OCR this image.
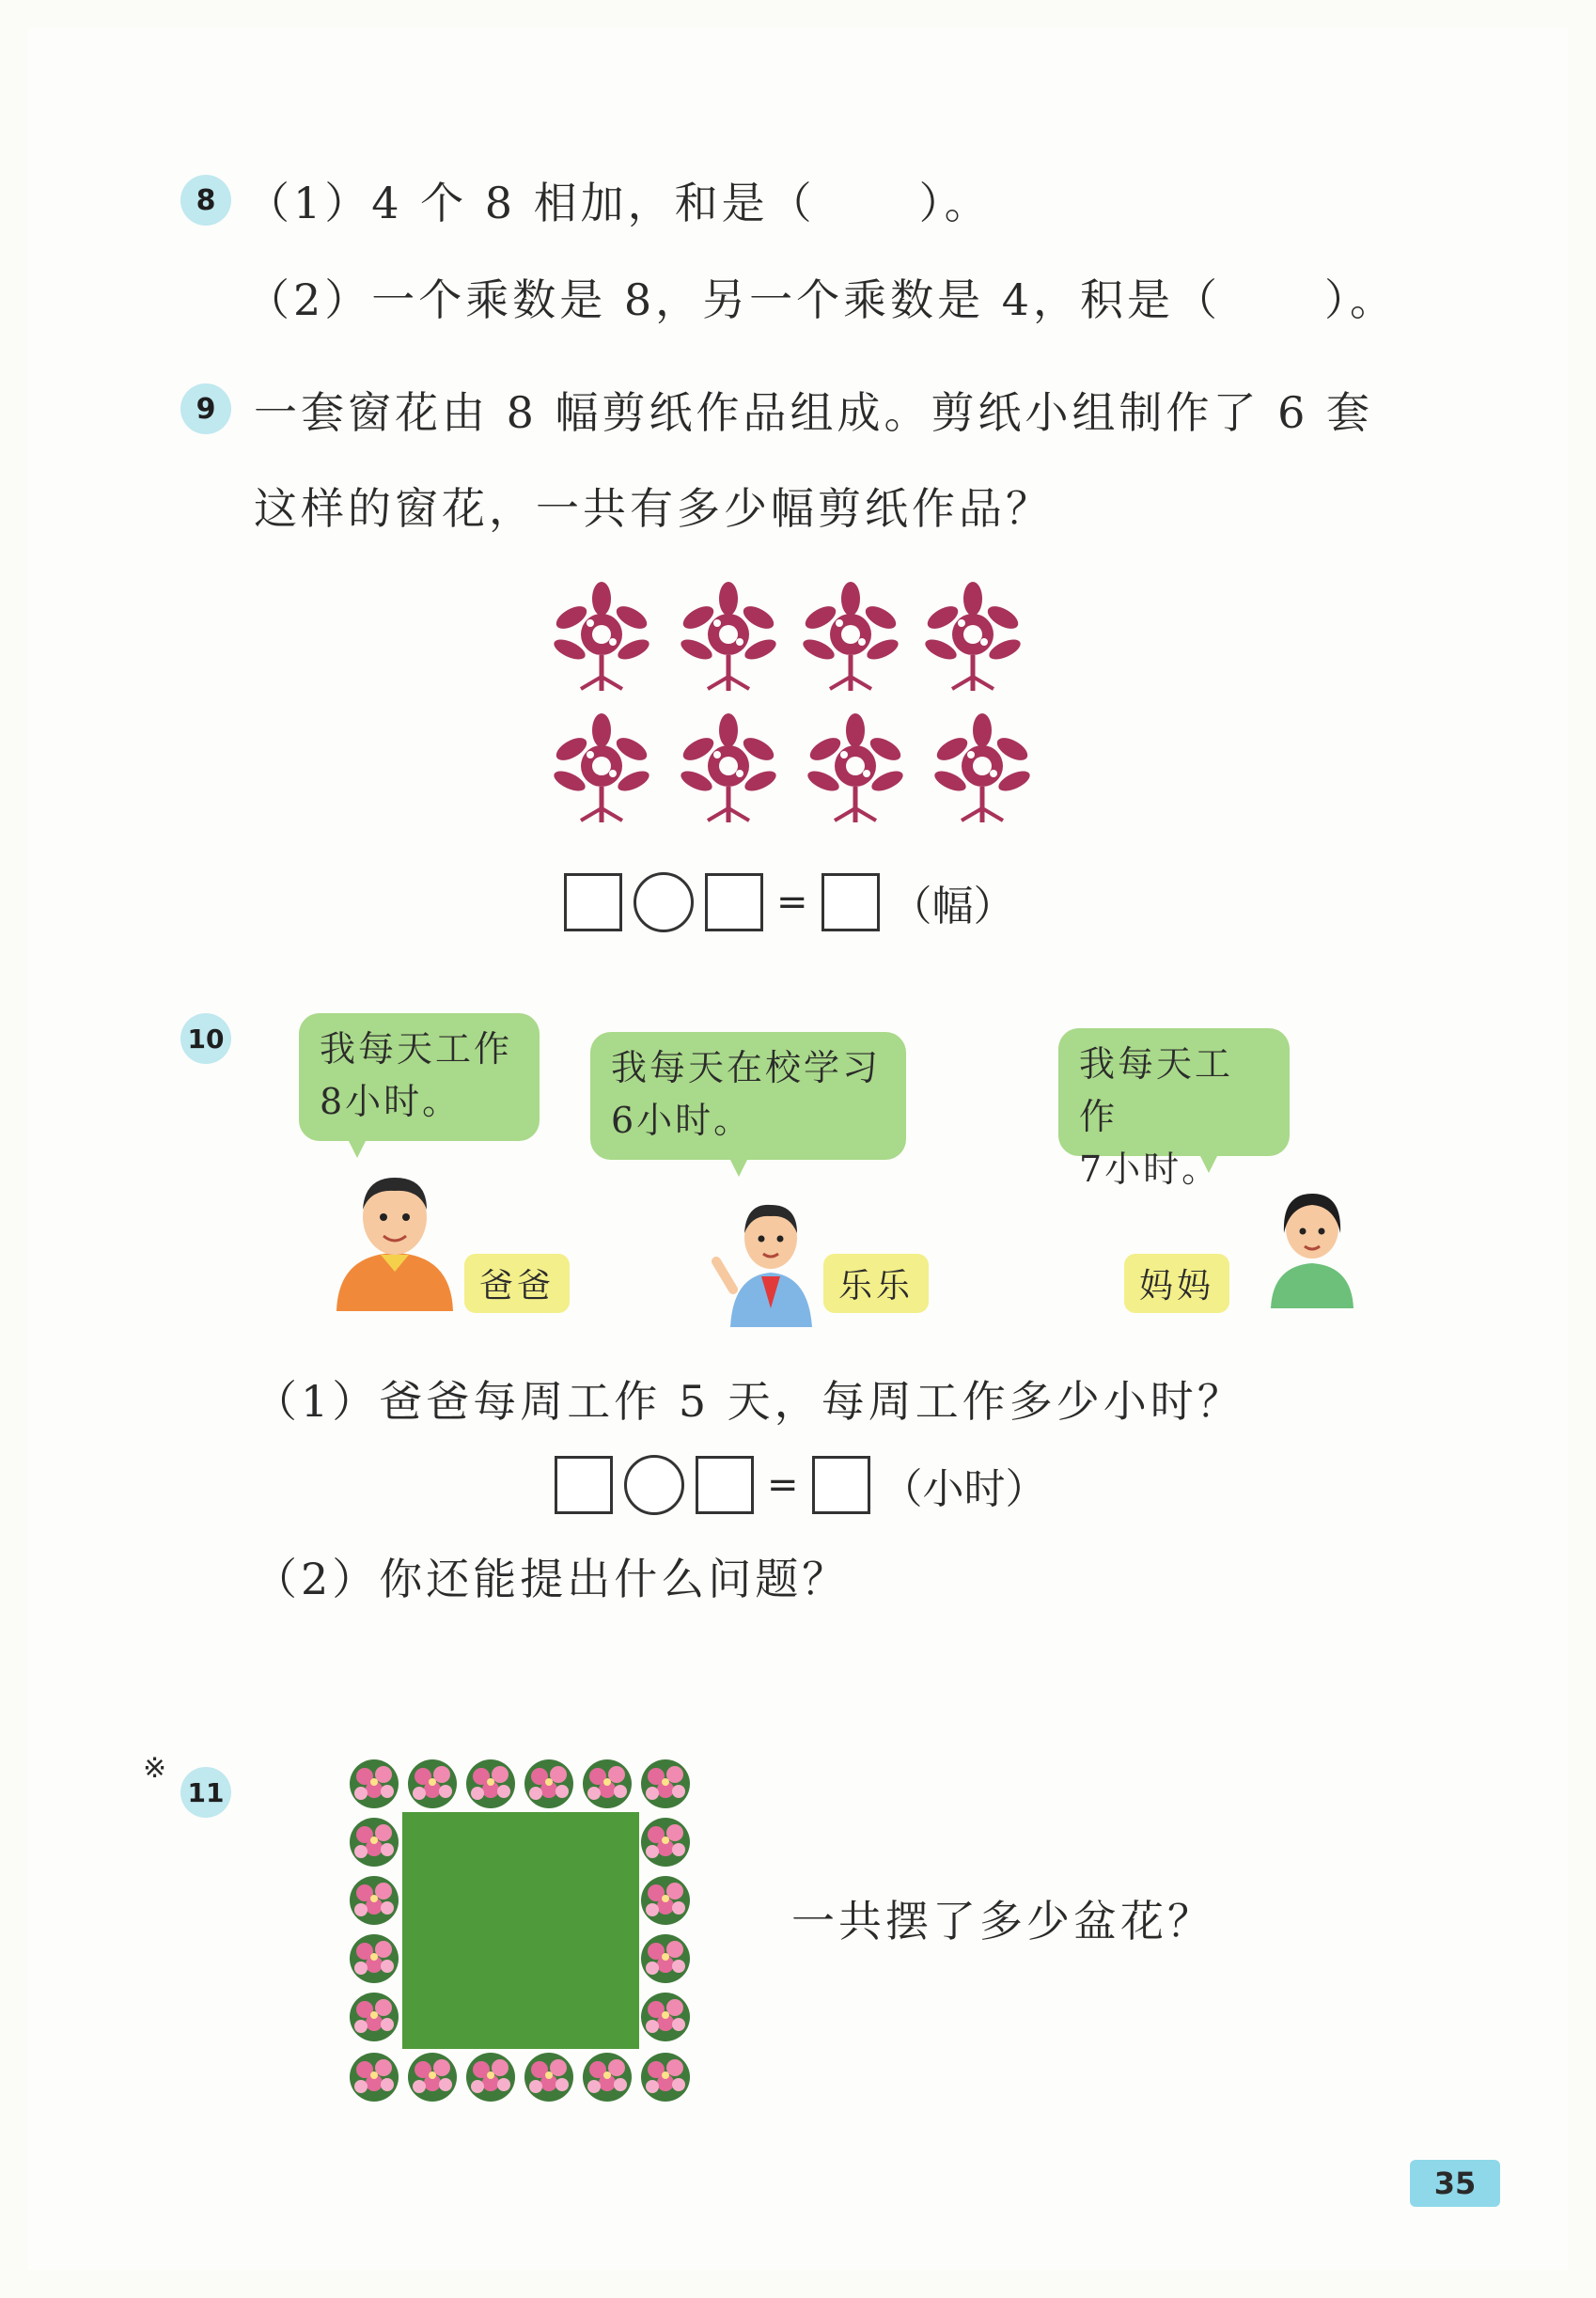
8 （1）4 个 8 相加，和是（ ）。
（2）一个乘数是 8，另一个乘数是 4，积是（ ）。
9 一套窗花由 8 幅剪纸作品组成。剪纸小组制作了 6 套
这样的窗花，一共有多少幅剪纸作品？
= （幅）
10	我每天工作
8小时。
我每天在校学习
6小时。
我每天工作
7小时。
爸爸	乐乐	妈妈
（1）爸爸每周工作 5 天，每周工作多少小时？
= （小时）
（2）你还能提出什么问题？
※
11
一共摆了多少盆花？
35
